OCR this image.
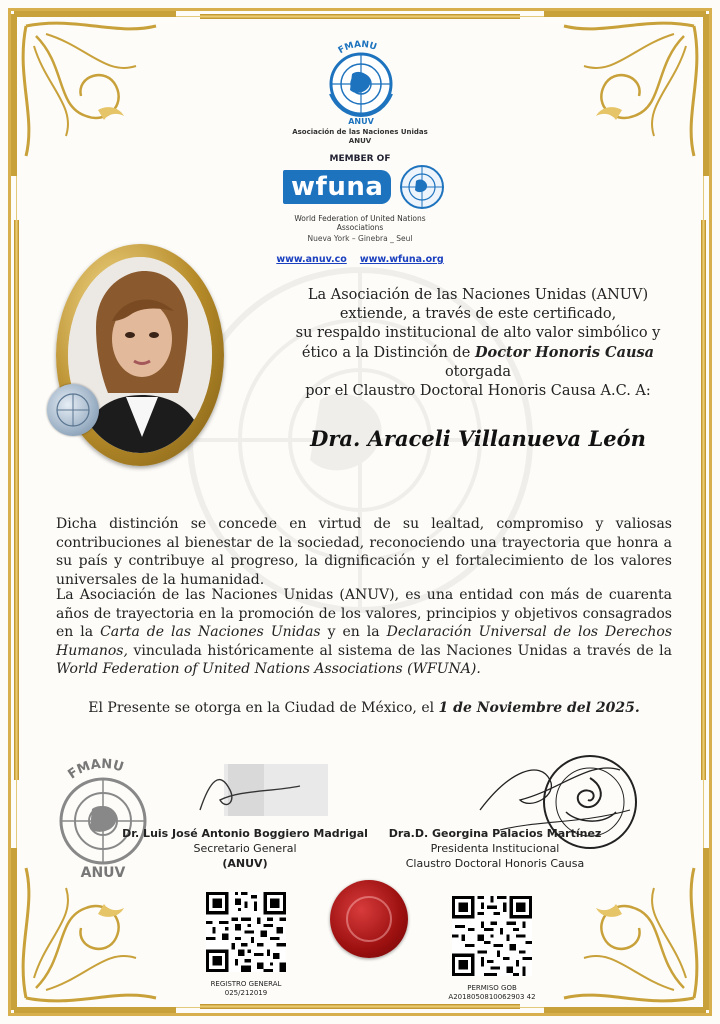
FMANU
ANUV
Asociación de las Naciones Unidas
ANUV
MEMBER OF
wfuna
World Federation of United Nations Associations
Nueva York – Ginebra _ Seul
www.anuv.co www.wfuna.org
La Asociación de las Naciones Unidas (ANUV)
extiende, a través de este certificado,
su respaldo institucional de alto valor simbólico y
ético a la Distinción de Doctor Honoris Causa otorgada
por el Claustro Doctoral Honoris Causa A.C. A:
Dra. Araceli Villanueva León
Dicha distinción se concede en virtud de su lealtad, compromiso y valiosas contribuciones al bienestar de la sociedad, reconociendo una trayectoria que honra a su país y contribuye al progreso, la dignificación y el fortalecimiento de los valores universales de la humanidad.
La Asociación de las Naciones Unidas (ANUV), es una entidad con más de cuarenta años de trayectoria en la promoción de los valores, principios y objetivos consagrados en la Carta de las Naciones Unidas y en la Declaración Universal de los Derechos Humanos, vinculada históricamente al sistema de las Naciones Unidas a través de la World Federation of United Nations Associations (WFUNA).
El Presente se otorga en la Ciudad de México, el 1 de Noviembre del 2025.
FMANU
ANUV
Dr. Luis José Antonio Boggiero Madrigal
Secretario General
(ANUV)
Dra.D. Georgina Palacios Martínez
Presidenta Institucional
Claustro Doctoral Honoris Causa
REGISTRO GENERAL
025/212019
PERMISO GOB
A2018050810062903 42
